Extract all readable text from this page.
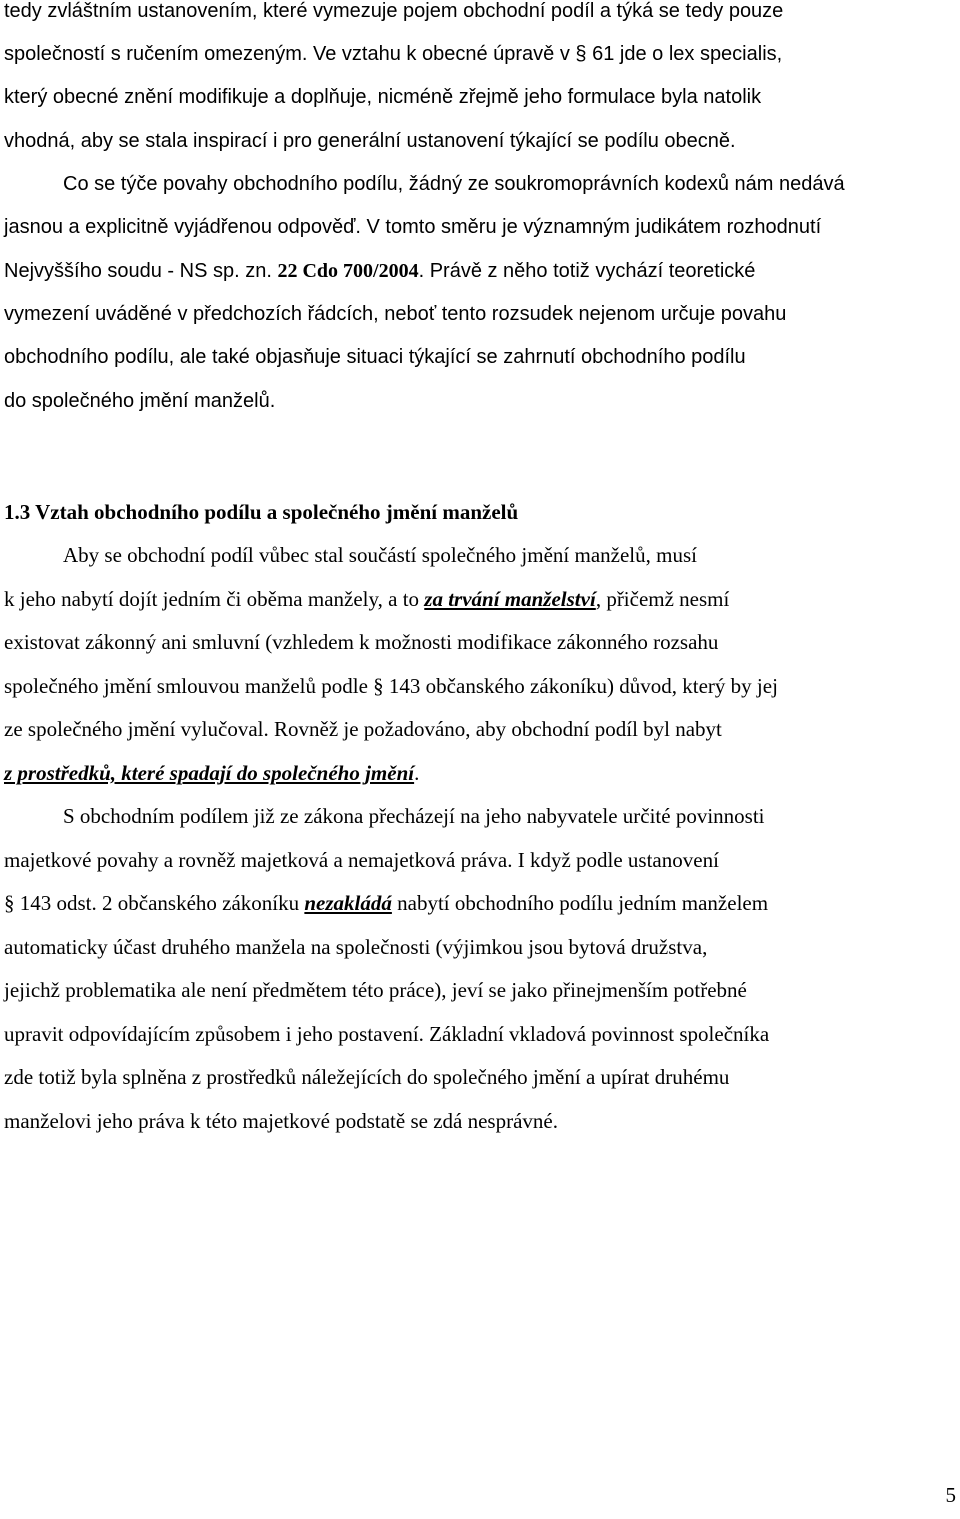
tedy zvláštním ustanovením, které vymezuje pojem obchodní podíl a týká se tedy pouze
společností s ručením omezeným. Ve vztahu k obecné úpravě v § 61 jde o lex specialis,
který obecné znění modifikuje a doplňuje, nicméně zřejmě jeho formulace byla natolik
vhodná, aby se stala inspirací i pro generální ustanovení týkající se podílu obecně.
Co se týče povahy obchodního podílu, žádný ze soukromoprávních kodexů nám nedává
jasnou a explicitně vyjádřenou odpověď. V tomto směru je významným judikátem rozhodnutí
Nejvyššího soudu - NS sp. zn. 22 Cdo 700/2004. Právě z něho totiž vychází teoretické
vymezení uváděné v předchozích řádcích, neboť tento rozsudek nejenom určuje povahu
obchodního podílu, ale také objasňuje situaci týkající se zahrnutí obchodního podílu
do společného jmění manželů.
1.3 Vztah obchodního podílu a společného jmění manželů
Aby se obchodní podíl vůbec stal součástí společného jmění manželů, musí
k jeho nabytí dojít jedním či oběma manžely, a to za trvání manželství, přičemž nesmí
existovat zákonný ani smluvní (vzhledem k možnosti modifikace zákonného rozsahu
společného jmění smlouvou manželů podle § 143 občanského zákoníku) důvod, který by jej
ze společného jmění vylučoval. Rovněž je požadováno, aby obchodní podíl byl nabyt
z prostředků, které spadají do společného jmění.
S obchodním podílem již ze zákona přecházejí na jeho nabyvatele určité povinnosti
majetkové povahy a rovněž majetková a nemajetková práva. I když podle ustanovení
§ 143 odst. 2 občanského zákoníku nezakládá nabytí obchodního podílu jedním manželem
automaticky účast druhého manžela na společnosti (výjimkou jsou bytová družstva,
jejichž problematika ale není předmětem této práce), jeví se jako přinejmenším potřebné
upravit odpovídajícím způsobem i jeho postavení. Základní vkladová povinnost společníka
zde totiž byla splněna z prostředků náležejících do společného jmění a upírat druhému
manželovi jeho práva k této majetkové podstatě se zdá nesprávné.
5
